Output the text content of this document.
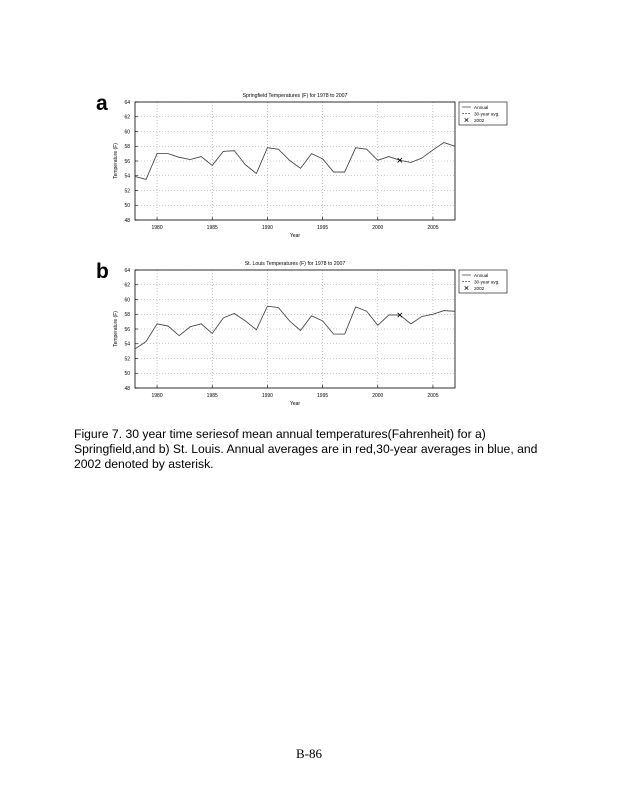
a	Springfield Temperatures (F) for 1978 to 2007
48
50
52
54
56
58
60
62
64
1980	1985	1990	1995	2000	2005
Year
Temperature (F)
Annual
30-year avg.
2002
b	St. Louis Temperatures (F) for 1978 to 2007
48
50
52
54
56
58
60
62
64
1980	1985	1990	1995	2000	2005
Year
Temperature (F)
Annual
30-year avg.
2002
Figure 7. 30 year time seriesof mean annual temperatures(Fahrenheit) for a) Springfield,and b) St. Louis. Annual averages are in red,30-year averages in blue, and 2002 denoted by asterisk.
B-86
